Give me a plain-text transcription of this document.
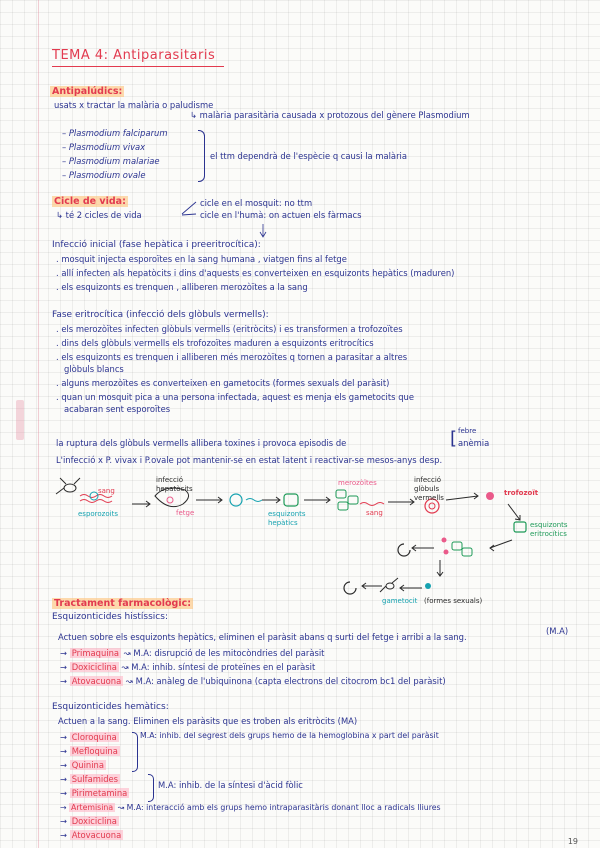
TEMA 4: Antiparasitaris
Antipalúdics:
usats x tractar la malària o paludisme
↳ malària parasitària causada x protozous del gènere Plasmodium
– Plasmodium falciparum
– Plasmodium vivax
– Plasmodium malariae
– Plasmodium ovale
el ttm dependrà de l'espècie q causi la malària
Cicle de vida:
↳ té 2 cicles de vida
cicle en el mosquit: no ttm
cicle en l'humà: on actuen els fàrmacs
Infecció inicial (fase hepàtica i preeritrocítica):
. mosquit injecta esporoïtes en la sang humana , viatgen fins al fetge
. allí infecten als hepatòcits i dins d'aquests es converteixen en esquizonts hepàtics (maduren)
. els esquizonts es trenquen , alliberen merozòïtes a la sang
Fase eritrocítica (infecció dels glòbuls vermells):
. els merozòïtes infecten glòbuls vermells (eritròcits) i es transformen a trofozoïtes
. dins dels glòbuls vermells els trofozoïtes maduren a esquizonts eritrocítics
. els esquizonts es trenquen i alliberen més merozòïtes q tornen a parasitar a altres
glòbuls blancs
. alguns merozòïtes es converteixen en gametocits (formes sexuals del paràsit)
. quan un mosquit pica a una persona infectada, aquest es menja els gametocits que
acabaran sent esporoïtes
la ruptura dels glòbuls vermells allibera toxines i provoca episodis de	[ febre
anèmia
L'infecció x P. vivax i P.ovale pot mantenir-se en estat latent i reactivar-se mesos-anys desp.
sang
esporozoits
infecció hepatòcits
fetge	esquizonts hepàtics
merozòïtes
sang
infecció glòbuls vermells
trofozoït
esquizonts eritrocítics
gametocit (formes sexuals)
Tractament farmacològic:
Esquizonticides histíssics:
(M.A)
Actuen sobre els esquizonts hepàtics, eliminen el paràsit abans q surti del fetge i arribi a la sang.
→ Primaquina ↝ M.A: disrupció de les mitocòndries del paràsit
→ Doxiciclina ↝ M.A: inhib. síntesi de proteïnes en el paràsit
→ Atovacuona ↝ M.A: anàleg de l'ubiquinona (capta electrons del citocrom bc1 del paràsit)
Esquizonticides hemàtics:
Actuen a la sang. Eliminen els paràsits que es troben als eritròcits (MA)
→ Cloroquina
→ Mefloquina
→ Quinina
M.A: inhib. del segrest dels grups hemo de la hemoglobina x part del paràsit
→ Sulfamides
→ Pirimetamina
M.A: inhib. de la síntesi d'àcid fòlic
→ Artemisina ↝ M.A: interacció amb els grups hemo intraparasitàris donant lloc a radicals lliures
→ Doxiciclina
→ Atovacuona
19
